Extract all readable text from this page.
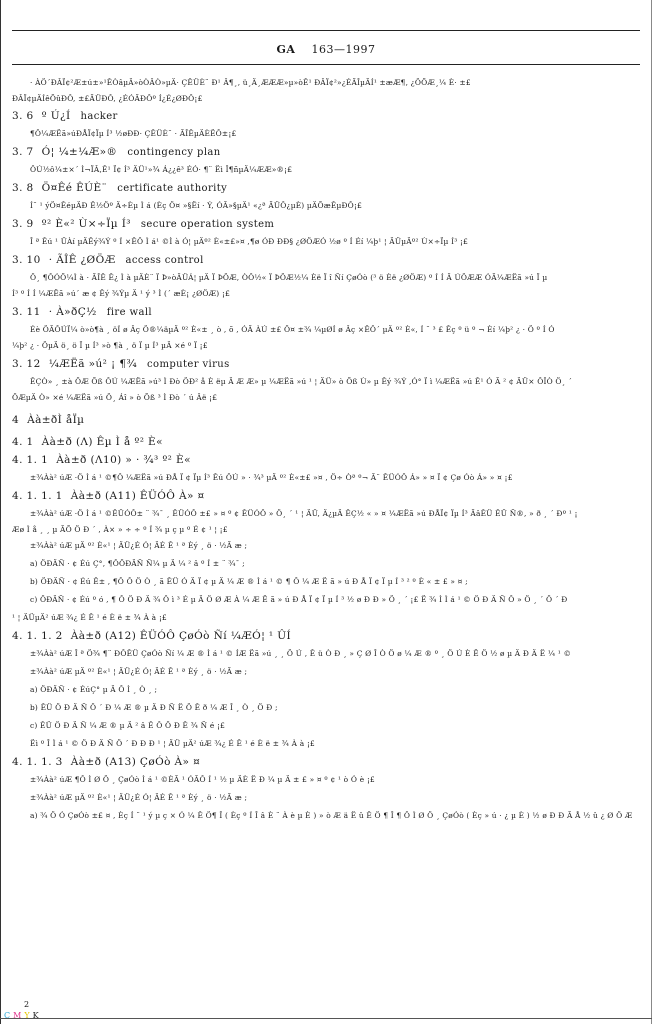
GA 163—1997
· ÀÖ´ÐÂÏ¢²Æ±ú±»¹ÊÒâµÄ»òÒÂÒ»µÄ· ÇÊÜÈ¨ Ð¹ Â¶¸, ü¸Ä¸ÆÆÆ»µ»òÊ¹ ÐÂÏ¢²»¿ÉÃÎµÃÍ¹ ±æÆ¶, ¿ÖÕÆ¸¼ È· ±£
ÐÂÏ¢µÄÍêÕûÐÔ, ±£ÃÜÐÔ, ¿ÉÓÃÐÔº Í¿É¿ØÐÔ¡£
3. 6 º Ú¿Í hacker
¶Ô¼ÆËã»úÐÅÏ¢Ïµ Í³ ½øÐÐ· ÇÊÜÈ¨ · ÃÎÊµÄÈËÔ±¡£
3. 7 Ó¦ ¼±¼Æ»® contingency plan
ÔÚ½ô¼±×´ Ì¬ÏÂ,Ê¹ Ï¢ Í³ ÄÜ¹»¾ Á¿¿ê³ ÉÓ· ¶¨ Ëì Î¶ñµÄ¼ÆÆ»®¡£
3. 8 Ö¤Êé ÊÚÈ¨ certificate authority
Í¨ ¹ ýÖ¤ÊéµÄÐ Ê½Öº Ä÷Èµ Ì á (Èç Ö¤ »§Ëí · Ý, ÓÃ»§µÄ¹ «¿ª ÃÜÔ¿µÈ) µÄÕæÊµÐÔ¡£
3. 9 º² È«² Ù×÷Ïµ Í³ secure operation system
Î ª Êú ¹ ÜÀí µÄÊý¾Ý º Í ×ÊÔ Ì á¹ ©Ì à Ó¦ µÄº² È«±£»¤ ,¶ø ÓÐ ÐÐ§ ¿ØÖÆÓ ½ø º Í Éí ¼þ¹ ¦ ÄÜµÄº² Ù×÷Ïµ Í³ ¡£
3. 10 · ÃÎÊ ¿ØÖÆ access control
Ö¸ ¶ÔÓÕ¼Ì à · ÃÎÊ Ê¿ Ì à µÄÈ¨ Ï Þ»òÄÜÁ¦ µÄ Ï ÞÖÆ, ÒÔ½« Ï ÞÖÆ½¼ Èë Ï î Ñí ÇøÓò (³ ö Èë ¿ØÖÆ) º Í Í Ä ÚÖÆÆ ÓÃ¼ÆËã »ú Ï µ
Í³ º Í Í ¼ÆËã »ú´ æ ¢ Êý ¾Ýµ Ä ¹ ý ³ Ì (´ æÈ¡ ¿ØÖÆ) ¡£
3. 11 · À»ðÇ½ fire wall
Éè ÖÃÔÚÏ¼ ò»ò¶à ¸ öÍ ø Âç Ö®¼äµÄ º² È«± ¸ ò , õ , ÓÃ ÀÚ ±£ Ö¤ ±¾ ¼µØÍ ø Âç ×ÊÔ´ µÄ º² È«, Í ¨ ³ £ Êç º ü º ¬ Èí ¼þ² ¿ · Ö º Í Ó
¼þ² ¿ · ÖµÄ ö¸ ö Ï µ Í³ »ò ¶à ¸ ö Ï µ Í³ µÄ ×é º Ï ¡£
3. 12 ¼ÆËã »ú² ¡ ¶¾ computer virus
ÊÇÒ» ¸ ±à ÖÆ Õß ÔÚ ¼ÆËã »ú³ Ì Ðò ÖÐ² å È ëµ Ä Æ Æ» µ ¼ÆËã »ú ¹ ¦ ÄÜ» ò Õß Ù» µ Êý ¾Ý ,Ó° Ï ì ¼ÆËã »ú Ê¹ Ó Ã ² ¢ ÄÜ× ÔÎÒ Ö¸ ´
ÖÆµÄ Ò» ×é ¼ÆËã »ú Ö¸ Áî » ò Õß ³ Ì Ðò ´ ú Âë ¡£
4 Àà±ðÌ åÏµ
4. 1 Àà±ð (Λ) Êµ Ì å º² È«
4. 1. 1 Àà±ð (Λ10) » · ¾³ º² È«
±¾Àà² úÆ ·Ö Ì á ¹ ©¶Ô ¼ÆËã »ú ÐÅ Ï ¢ Ïµ Í³ Êú ÔÚ » · ¾³ µÄ º² È«±£ »¤ , Ö÷ Òª º¬ Ã¨ ÊÜÓÔ Á» » ¤ Ï ¢ Çø Óò Á» » ¤ ¡£
4. 1. 1. 1 Àà±ð (A11) ÊÜÓÔ À» ¤
±¾Àà² úÆ ·Ö Ì á ¹ ©ÊÜÓÔ± ¨ ¾¯ ¸ ÊÜÓÔ ±£ » ¤ º ¢ ÊÜÓÔ » Ö¸ ´ ¹ ¦ ÄÜ, Ä¿µÄ ÊÇ½ « » ¤ ¼ÆËã »ú ÐÅÏ¢ Ïµ Í³ ÃâÊÜ ÊÜ Ñ®, » ð ¸ ´ Ðº ¹ ¡
Æø Ì å ¸ ¸ µ ÃÕ Ö Ð ´ , À× » ÷ ÷ º Í ¾ µ ç µ º É ¢ ¹ ¦ ¡£
±¾Àà² úÆ µÄ º² È«¹ ¦ ÄÜ¿É Ó¦ ÄÉ Ê ¹ ª Èý ¸ ö · ½Ã æ ;
a) ÖÐÄÑ · ¢ Éú Ç°, ¶ÔÖÐÄÑ Ñ¼ µ Ä ¼ ² â º Í ± ¨ ¾¯ ;
b) ÖÐÄÑ · ¢ Éú Ê± , ¶Ô Ô Ö Ò ¸ ã ÊÜ Ó Ä Ï ¢ µ Ä ¼ Æ ® Ì á ¹ © ¶ Ô ¼ Æ Ë ã » ú Ð Å Ï ¢ Ï µ Í ³ ² º È « ± £ » ¤ ;
c) ÖÐÄÑ · ¢ Éú º ó , ¶ Ô Ö Ð Ä ¾ Ô ì ³ É µ Ä Ö Ø Æ À ¼ Æ Ë ã » ú Ð Å Ï ¢ Ï µ Í ³ ½ ø Ð Ð » Ö ¸ ´ ¡£ Ë ¾ Ì Ì á ¹ © Ö Ð Ä Ñ Ô » Ö ¸ ´ Ö ´ Ð
¹ ¦ ÄÜµÄ² úÆ ¾¿ É Ê ¹ é È ë ± ¾ À à ¡£
4. 1. 1. 2 Àà±ð (A12) ÊÜÓÔ ÇøÓò Ñí ¼ÆÓ¦ ¹ ÛÍ
±¾Àà² úÆ Î ª Ö¾ ¶¨ ÐÔÊÜ ÇøÓò Ñí ¼ Æ ® Ì á ¹ © ÍÆ Ëã »ú ¸ ¸ Ö Ú , Ê ü Ò Ð ¸ » Ç Ø Î Ò Ö ø ¼ Æ ® º ¸ Ö Ú È Ë Ö ½ ø µ Ä Ð Ä Ë ¼ ¹ ©
±¾Àà² úÆ µÄ º² È«¹ ¦ ÄÜ¿É Ó¦ ÄÉ Ê ¹ ª Èý ¸ ö · ½Ã æ ;
a) ÖÐÄÑ · ¢ ÉúÇ° µ Ä Ô Ì ¸ Ò ¸ ;
b) ÊÜ Ö Ð Ä Ñ Ö ´ Ð ¼ Æ ® µ Ä Ð Ñ Ë Ö Ê ð ¼ Æ Î ¸ Ò ¸ Ö Ð ;
c) ÊÜ Ö Ð Ä Ñ ¼ Æ ® µ Ä ² â Ê Ô Ö Ð Ê ¾ Ñ é ¡£
Ëì º Î Ì á ¹ © Ö Ð Ä Ñ Ö ´ Ð Ð Ð ¹ ¦ ÄÜ µÄ² úÆ ¾¿ É Ê ¹ é È ë ± ¾ À à ¡£
4. 1. 1. 3 Àà±ð (A13) ÇøÓò À» ¤
±¾Àà² úÆ ¶Ô Ì Ø Ö ¸ ÇøÓò Ì á ¹ ©ÈÃ ¹ ÓÃÔ Í ¹ ½ µ ÄÈ Ë Ð ¼ µ Ä ± £ » ¤ º ¢ ¹ ò Ó è ¡£
±¾Àà² úÆ µÄ º² È«¹ ¦ ÄÜ¿É Ó¦ ÄÉ Ê ¹ ª Èý ¸ ö · ½Ã æ ;
a) ¾ Ö Ó ÇøÓò ±£ ¤ , Èç Í ¨ ¹ ý µ ç × Ó ¼ Ê Ö¶ Î ( Èç º Í Î â È ¨ À è µ È ) » ò Æ ä Ë û Ê Ö ¶ Î ¶ Ô Ì Ø Ö ¸ ÇøÓò ( Èç » ú · ¿ µ È ) ½ ø Ð Ð Ã Å ½ û ¿ Ø Ö Æ
2
CMYK
